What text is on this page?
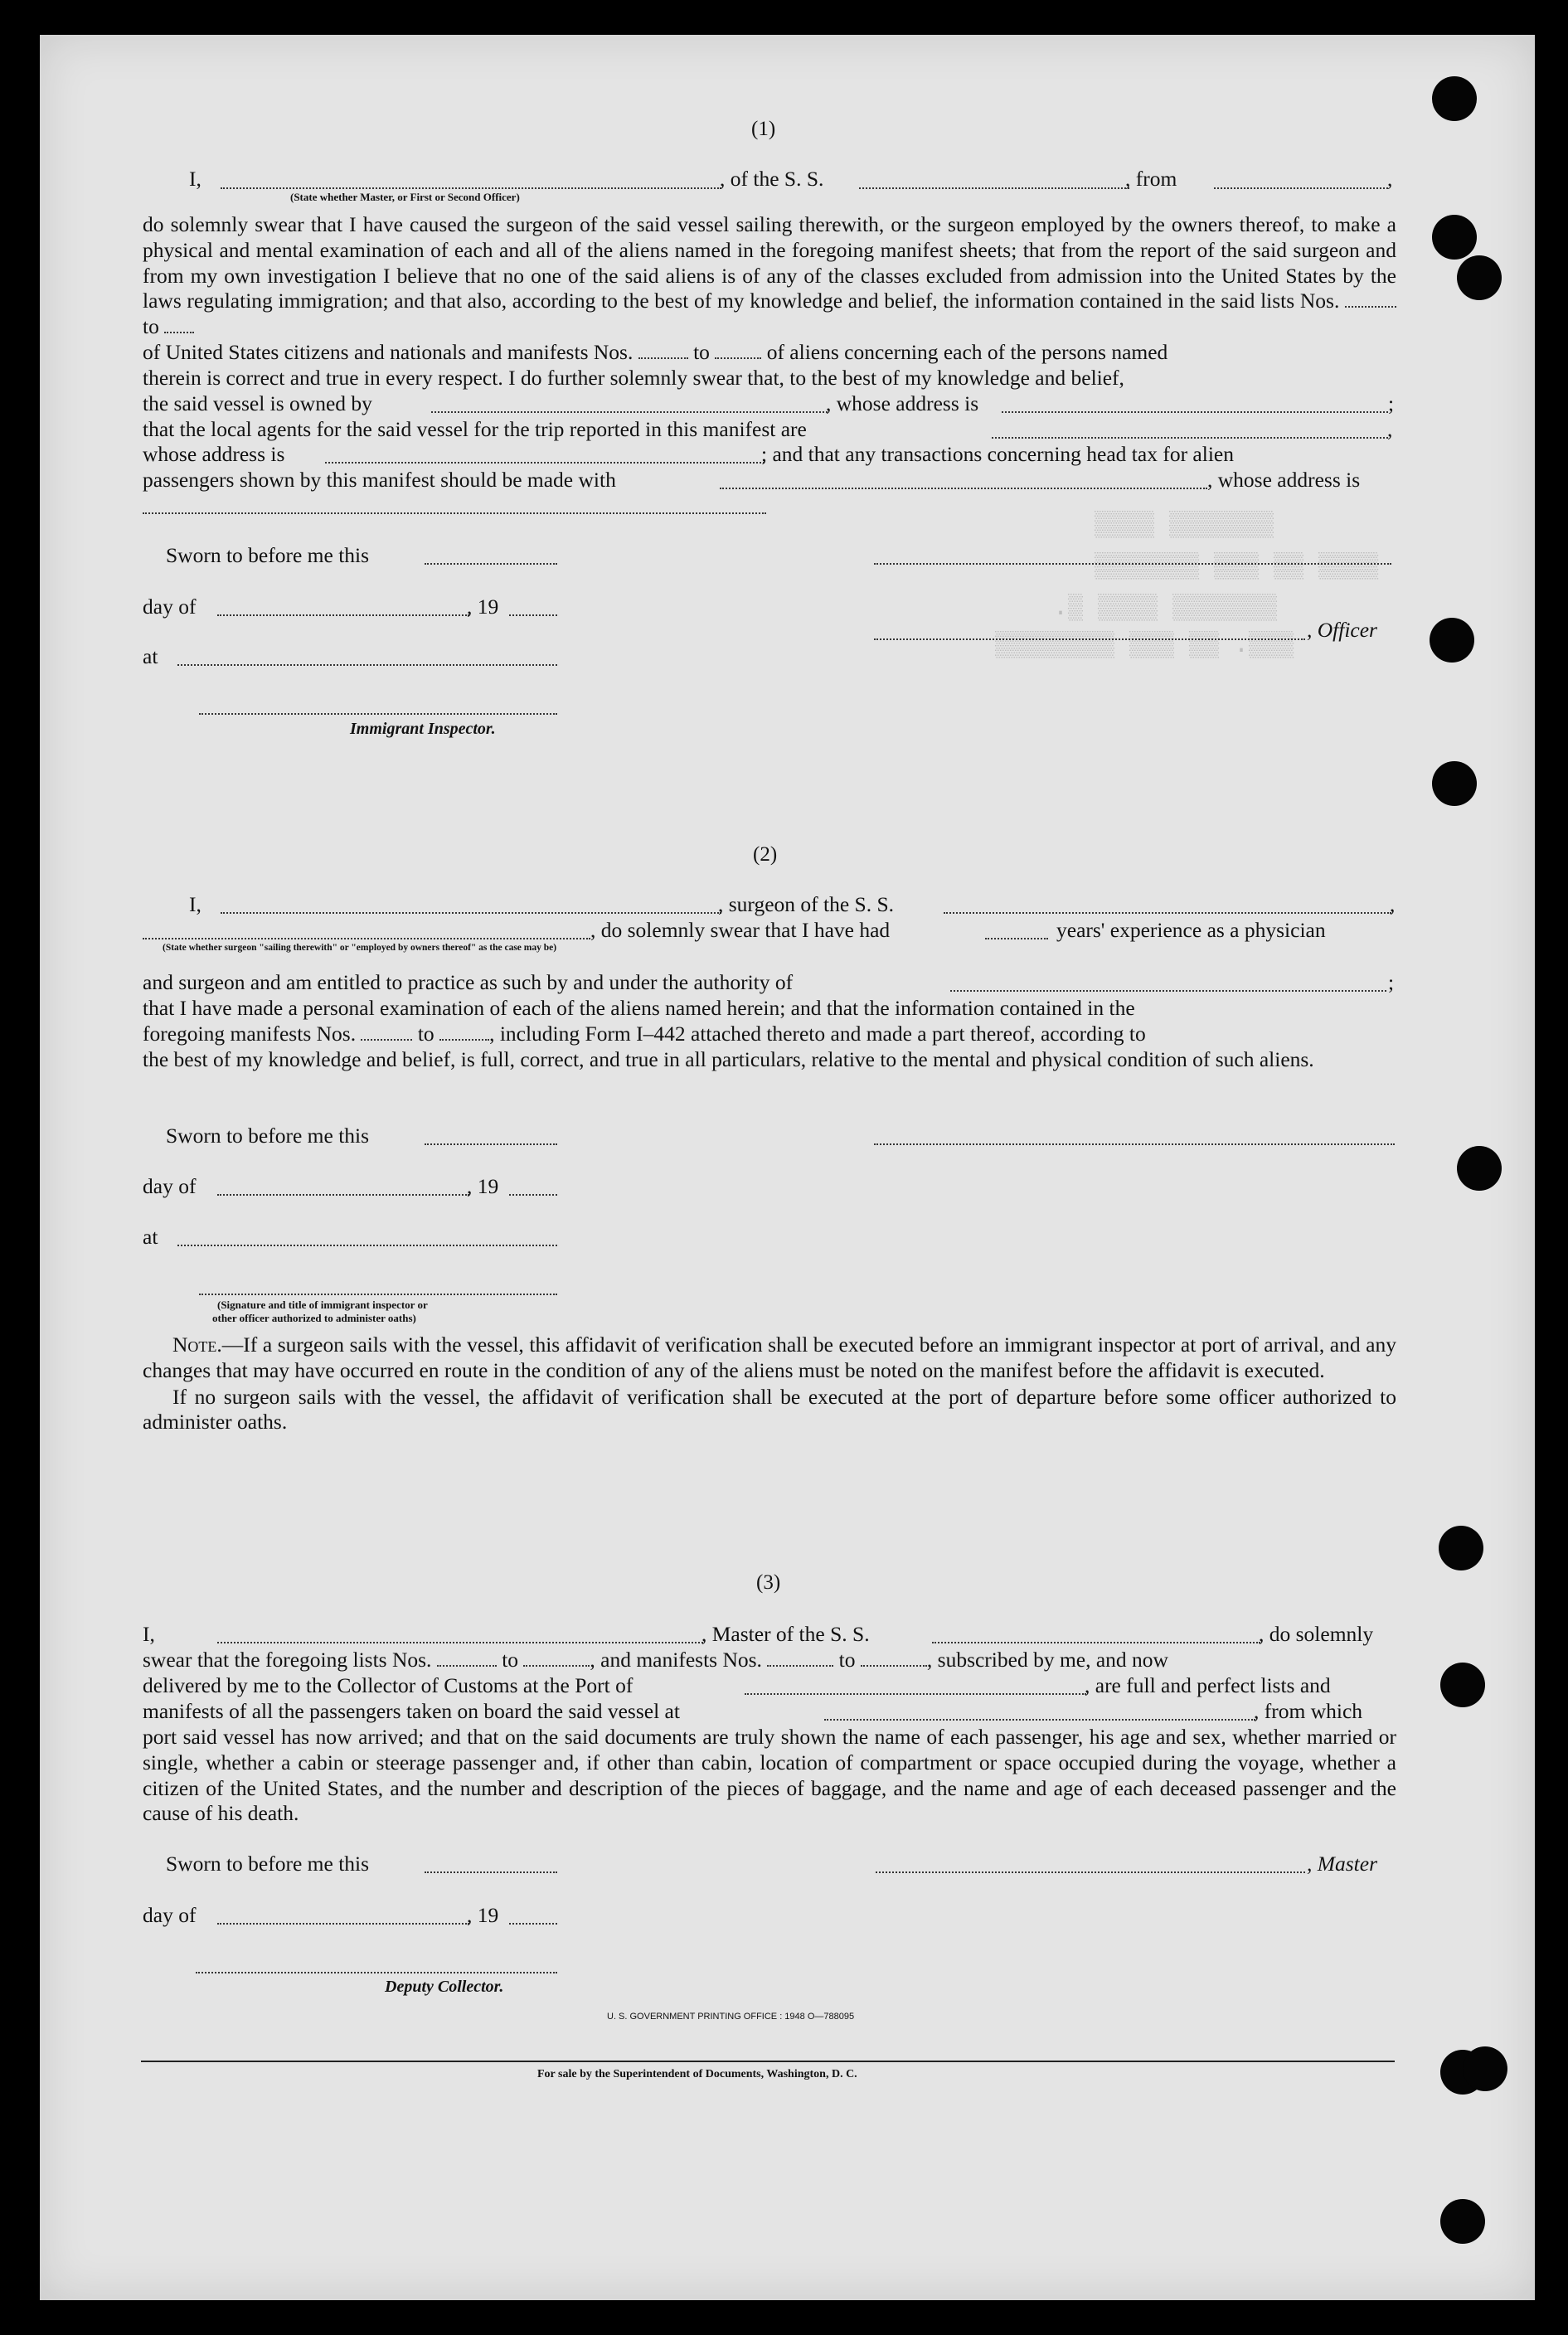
▒▒▒▒▒▒▒ ▒▒▒▒
▒▒▒▒ ▒▒ ▒▒▒ ▒▒▒▒▒▒▒
▒▒▒▒▒▒▒ ▒▒▒▒ ▒.
▒▒▒. ▒▒ ▒▒▒ ▒▒▒▒▒▒▒▒
(1)
I,	, of the S. S.	, from	,
(State whether Master, or First or Second Officer)

do solemnly swear that I have caused the surgeon of the said vessel sailing therewith, or the surgeon employed by the owners thereof, to make a physical and mental examination of each and all of the aliens named in the foregoing manifest sheets; that from the report of the said surgeon and from my own investigation I believe that no one of the said aliens is of any of the classes excluded from admission into the United States by the laws regulating immigration; and that also, according to the best of my knowledge and belief, the information contained in the said lists Nos.  to

of United States citizens and nationals and manifests Nos.	to	of aliens concerning each of the persons named
therein is correct and true in every respect. I do further solemnly swear that, to the best of my knowledge and belief,
the said vessel is owned by	, whose address is	;
that the local agents for the said vessel for the trip reported in this manifest are	,
whose address is	; and that any transactions concerning head tax for alien
passengers shown by this manifest should be made with	, whose address is
Sworn to before me this
day of	, 19
, Officer
at
Immigrant Inspector.
(2)
I,	, surgeon of the S. S.	,
, do solemnly swear that I have had	years' experience as a physician
(State whether surgeon "sailing therewith" or "employed by owners thereof" as the case may be)
and surgeon and am entitled to practice as such by and under the authority of	;
that I have made a personal examination of each of the aliens named herein; and that the information contained in the
foregoing manifests Nos.	to	, including Form I–442 attached thereto and made a part thereof, according to

the best of my knowledge and belief, is full, correct, and true in all particulars, relative to the mental and physical condition of such aliens.

Sworn to before me this
day of	, 19
at
(Signature and title of immigrant inspector or
other officer authorized to administer oaths)

Note.—If a surgeon sails with the vessel, this affidavit of verification shall be executed before an immigrant inspector at port of arrival, and any changes that may have occurred en route in the condition of any of the aliens must be noted on the manifest before the affidavit is executed.

If no surgeon sails with the vessel, the affidavit of verification shall be executed at the port of departure before some officer authorized to administer oaths.

(3)
I,	, Master of the S. S.	, do solemnly
swear that the foregoing lists Nos.	to	, and manifests Nos.	to	, subscribed by me, and now
delivered by me to the Collector of Customs at the Port of	, are full and perfect lists and
manifests of all the passengers taken on board the said vessel at	, from which

port said vessel has now arrived; and that on the said documents are truly shown the name of each passenger, his age and sex, whether married or single, whether a cabin or steerage passenger and, if other than cabin, location of compartment or space occupied during the voyage, whether a citizen of the United States, and the number and description of the pieces of baggage, and the name and age of each deceased passenger and the cause of his death.

Sworn to before me this	, Master
day of	, 19
Deputy Collector.
U. S. GOVERNMENT PRINTING OFFICE : 1948 O—788095
For sale by the Superintendent of Documents, Washington, D. C.
